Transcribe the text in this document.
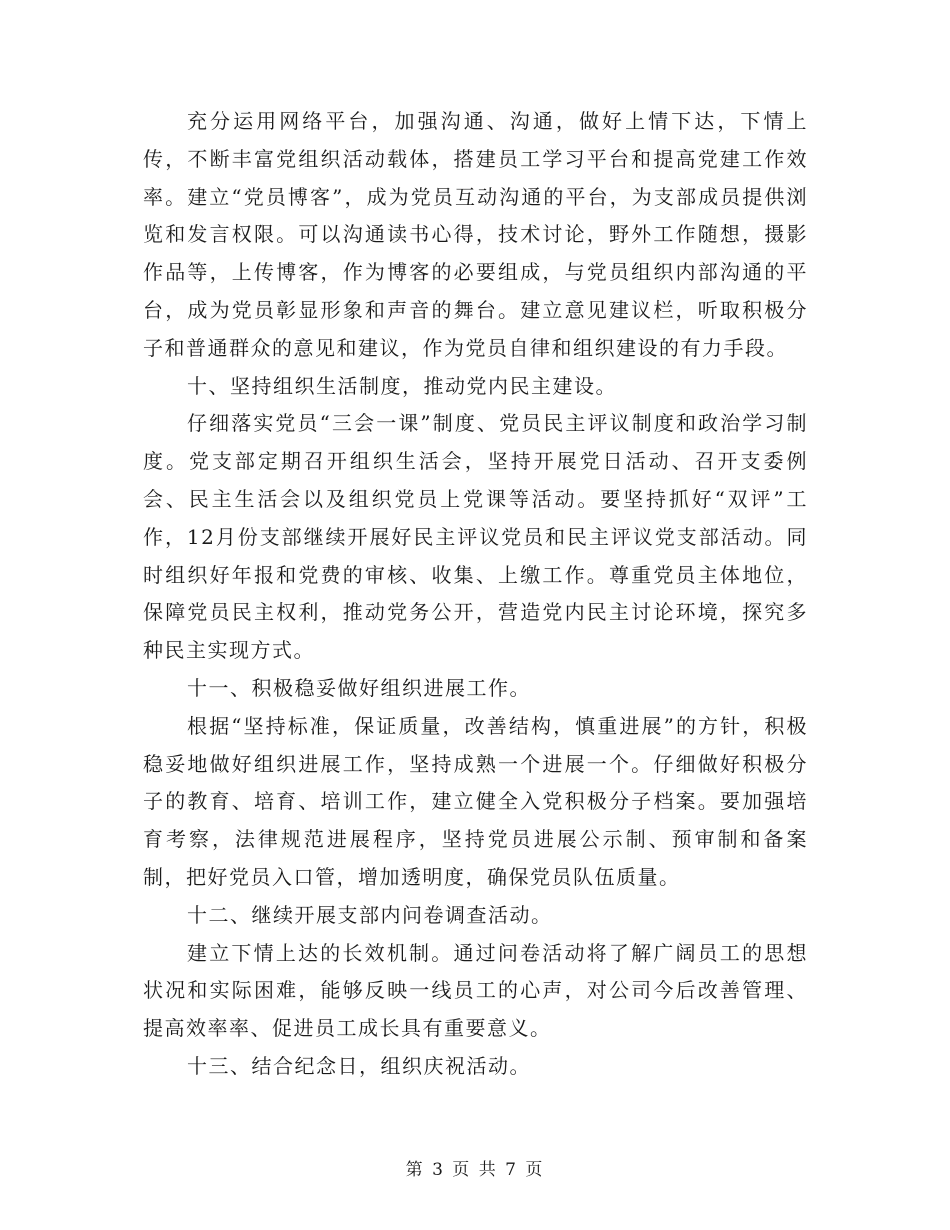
充分运用网络平台，加强沟通、沟通，做好上情下达，下情上传，不断丰富党组织活动载体，搭建员工学习平台和提高党建工作效率。建立“党员博客”，成为党员互动沟通的平台，为支部成员提供浏览和发言权限。可以沟通读书心得，技术讨论，野外工作随想，摄影作品等，上传博客，作为博客的必要组成，与党员组织内部沟通的平台，成为党员彰显形象和声音的舞台。建立意见建议栏，听取积极分子和普通群众的意见和建议，作为党员自律和组织建设的有力手段。

十、坚持组织生活制度，推动党内民主建设。

仔细落实党员“三会一课”制度、党员民主评议制度和政治学习制度。党支部定期召开组织生活会，坚持开展党日活动、召开支委例会、民主生活会以及组织党员上党课等活动。要坚持抓好“双评”工作，12月份支部继续开展好民主评议党员和民主评议党支部活动。同时组织好年报和党费的审核、收集、上缴工作。尊重党员主体地位，保障党员民主权利，推动党务公开，营造党内民主讨论环境，探究多种民主实现方式。

十一、积极稳妥做好组织进展工作。

根据“坚持标准，保证质量，改善结构，慎重进展”的方针，积极稳妥地做好组织进展工作，坚持成熟一个进展一个。仔细做好积极分子的教育、培育、培训工作，建立健全入党积极分子档案。要加强培育考察，法律规范进展程序，坚持党员进展公示制、预审制和备案制，把好党员入口管，增加透明度，确保党员队伍质量。

十二、继续开展支部内问卷调查活动。

建立下情上达的长效机制。通过问卷活动将了解广阔员工的思想状况和实际困难，能够反映一线员工的心声，对公司今后改善管理、提高效率率、促进员工成长具有重要意义。

十三、结合纪念日，组织庆祝活动。

第 3 页 共 7 页
